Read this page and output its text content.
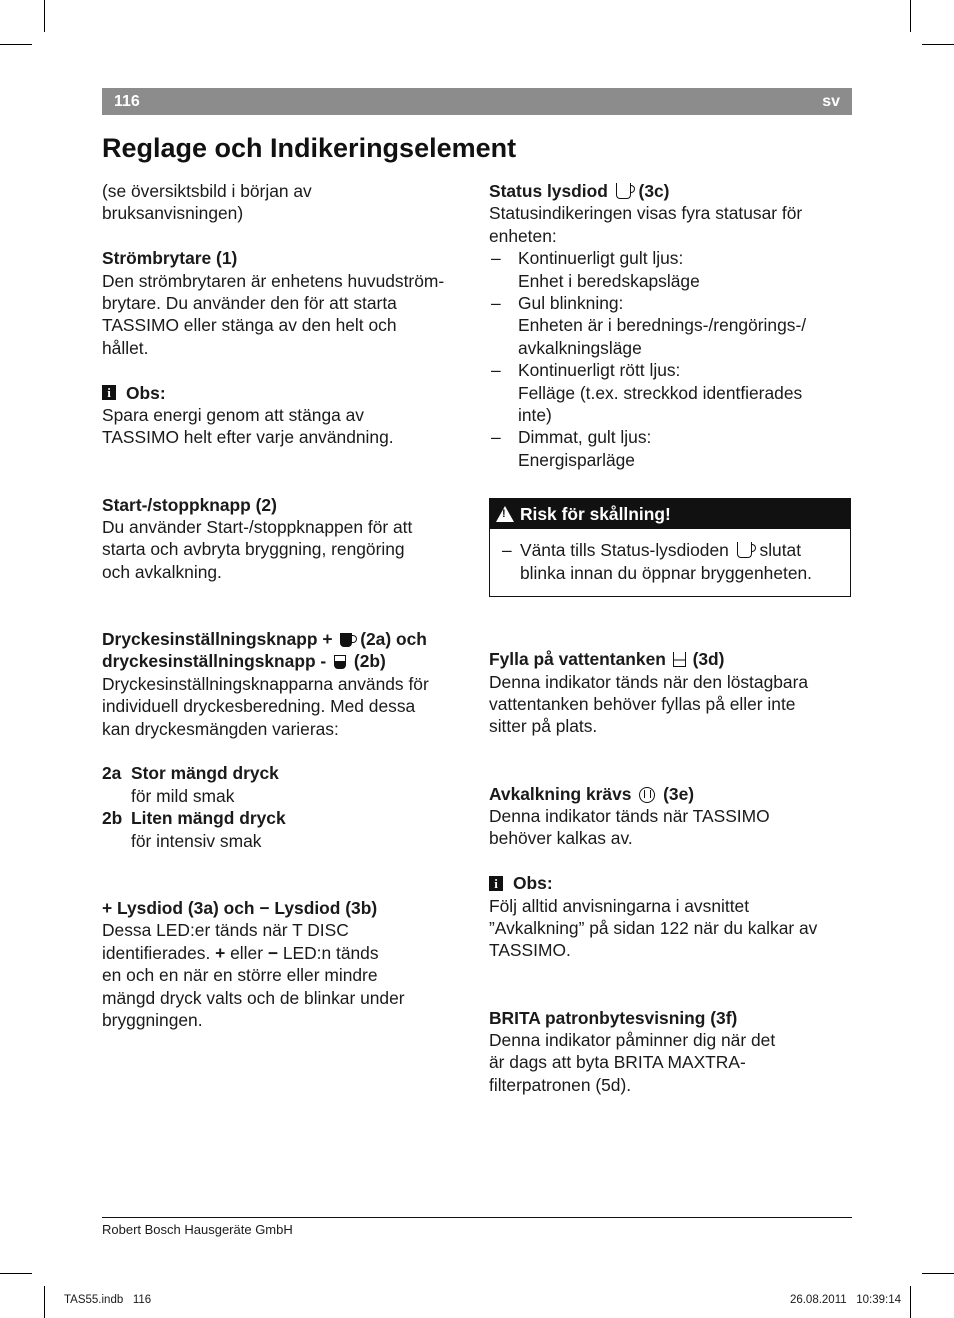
116	sv
Reglage och Indikeringselement

(se översiktsbild i början av

bruksanvisningen)

Strömbrytare (1)

Den strömbrytaren är enhetens huvudström-

brytare. Du använder den för att starta

TASSIMO eller stänga av den helt och

hållet.

i Obs:

Spara energi genom att stänga av

TASSIMO helt efter varje användning.

Start-/stoppknapp (2)

Du använder Start-/stoppknappen för att

starta och avbryta bryggning, rengöring

och avkalkning.

Dryckesinställningsknapp + (2a) och

dryckesinställningsknapp - (2b)

Dryckesinställningsknapparna används för

individuell dryckesberedning. Med dessa

kan dryckesmängden varieras:

2a Stor mängd dryck

för mild smak

2b Liten mängd dryck

för intensiv smak

+ Lysdiod (3a) och − Lysdiod (3b)

Dessa LED:er tänds när T DISC

identifierades. + eller − LED:n tänds

en och en när en större eller mindre

mängd dryck valts och de blinkar under

bryggningen.

Status lysdiod (3c)

Statusindikeringen visas fyra statusar för

enheten:

– Kontinuerligt gult ljus:

Enhet i beredskapsläge

– Gul blinkning:

Enheten är i berednings-/rengörings-/

avkalkningsläge

– Kontinuerligt rött ljus:

Felläge (t.ex. streckkod identfierades

inte)

– Dimmat, gult ljus:

Energisparläge

!
Risk för skållning!

– Vänta tills Status-lysdioden slutat

blinka innan du öppnar bryggenheten.

Fylla på vattentanken (3d)

Denna indikator tänds när den löstagbara

vattentanken behöver fyllas på eller inte

sitter på plats.

Avkalkning krävs (3e)

Denna indikator tänds när TASSIMO

behöver kalkas av.

i Obs:

Följ alltid anvisningarna i avsnittet

”Avkalkning” på sidan 122 när du kalkar av

TASSIMO.

BRITA patronbytesvisning (3f)

Denna indikator påminner dig när det

är dags att byta BRITA MAXTRA-

filterpatronen (5d).

Robert Bosch Hausgeräte GmbH
TAS55.indb   116	26.08.2011   10:39:14
